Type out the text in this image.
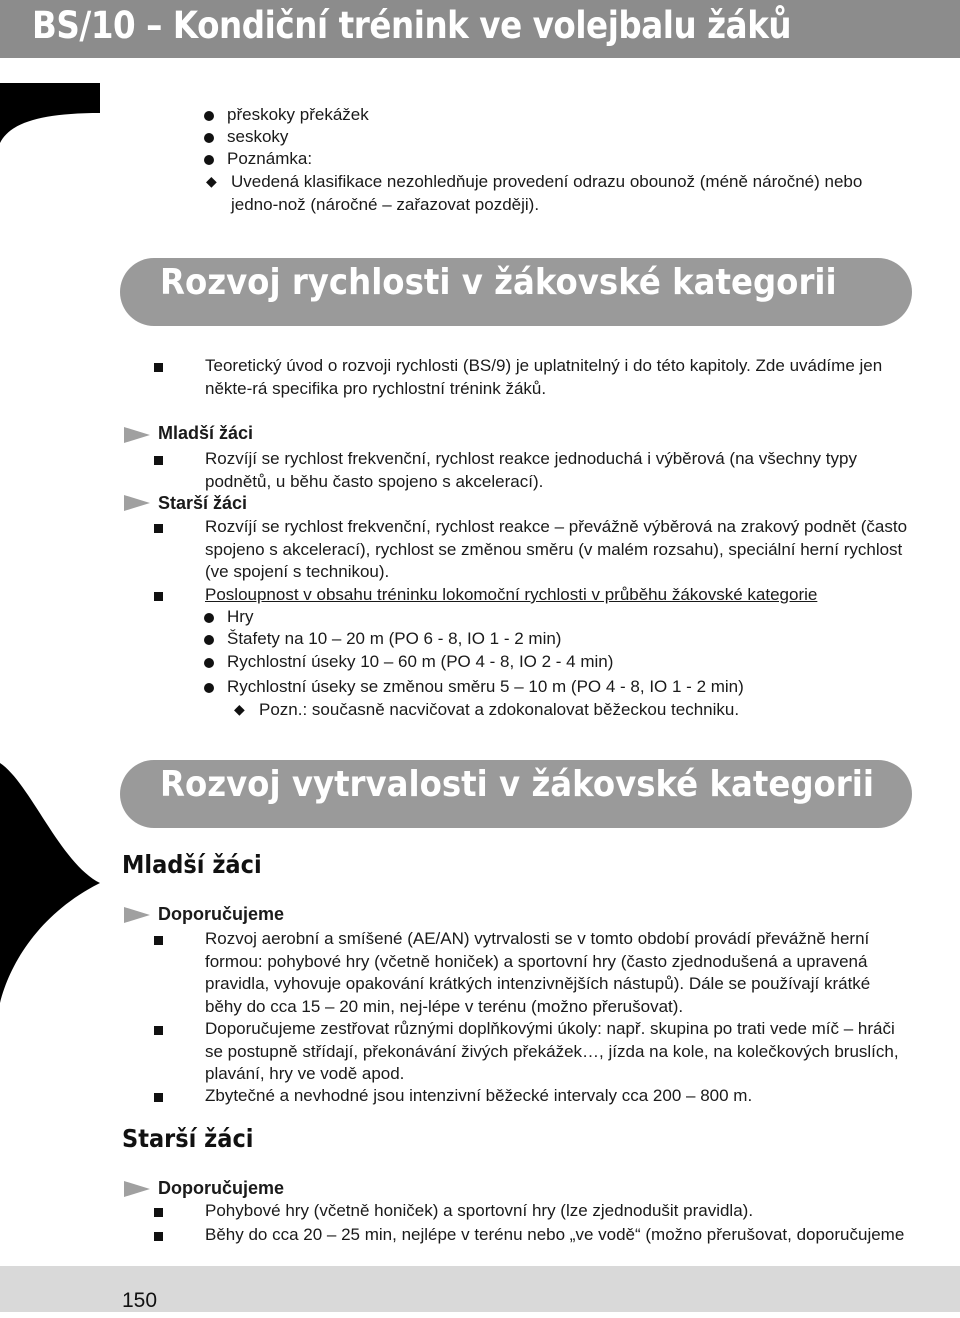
BS/10 – Kondiční trénink ve volejbalu žáků
přeskoky překážek
seskoky
Poznámka:
◆ Uvedená klasifikace nezohledňuje provedení odrazu obounož (méně náročné) nebo jedno-nož (náročné – zařazovat později).
Rozvoj rychlosti v žákovské kategorii
Teoretický úvod o rozvoji rychlosti (BS/9) je uplatnitelný i do této kapitoly. Zde uvádíme jen někte-rá specifika pro rychlostní trénink žáků.
Mladší žáci
Rozvíjí se rychlost frekvenční, rychlost reakce jednoduchá i výběrová (na všechny typy podnětů, u běhu často spojeno s akcelerací).
Starší žáci
Rozvíjí se rychlost frekvenční, rychlost reakce – převážně výběrová na zrakový podnět (často spojeno s akcelerací), rychlost se změnou směru (v malém rozsahu), speciální herní rychlost (ve spojení s technikou).
Posloupnost v obsahu tréninku lokomoční rychlosti v průběhu žákovské kategorie
Hry
Štafety na 10 – 20 m (PO 6 - 8, IO 1 - 2 min)
Rychlostní úseky 10 – 60 m (PO 4 - 8, IO 2 - 4 min)
Rychlostní úseky se změnou směru 5 – 10 m (PO 4 - 8, IO 1 - 2 min)
◆ Pozn.: současně nacvičovat a zdokonalovat běžeckou techniku.
Rozvoj vytrvalosti v žákovské kategorii
Mladší žáci
Doporučujeme
Rozvoj aerobní a smíšené (AE/AN) vytrvalosti se v tomto období provádí převážně herní formou: pohybové hry (včetně honiček) a sportovní hry (často zjednodušená a upravená pravidla, vyhovuje opakování krátkých intenzivnějších nástupů). Dále se používají krátké běhy do cca 15 – 20 min, nej-lépe v terénu (možno přerušovat).
Doporučujeme zestřovat různými doplňkovými úkoly: např. skupina po trati vede míč – hráči se postupně střídají, překonávání živých překážek…, jízda na kole, na kolečkových bruslích, plavání, hry ve vodě apod.
Zbytečné a nevhodné jsou intenzivní běžecké intervaly cca 200 – 800 m.
Starší žáci
Doporučujeme
Pohybové hry (včetně honiček) a sportovní hry (lze zjednodušit pravidla).
Běhy do cca 20 – 25 min, nejlépe v terénu nebo „ve vodě“ (možno přerušovat, doporučujeme
150
